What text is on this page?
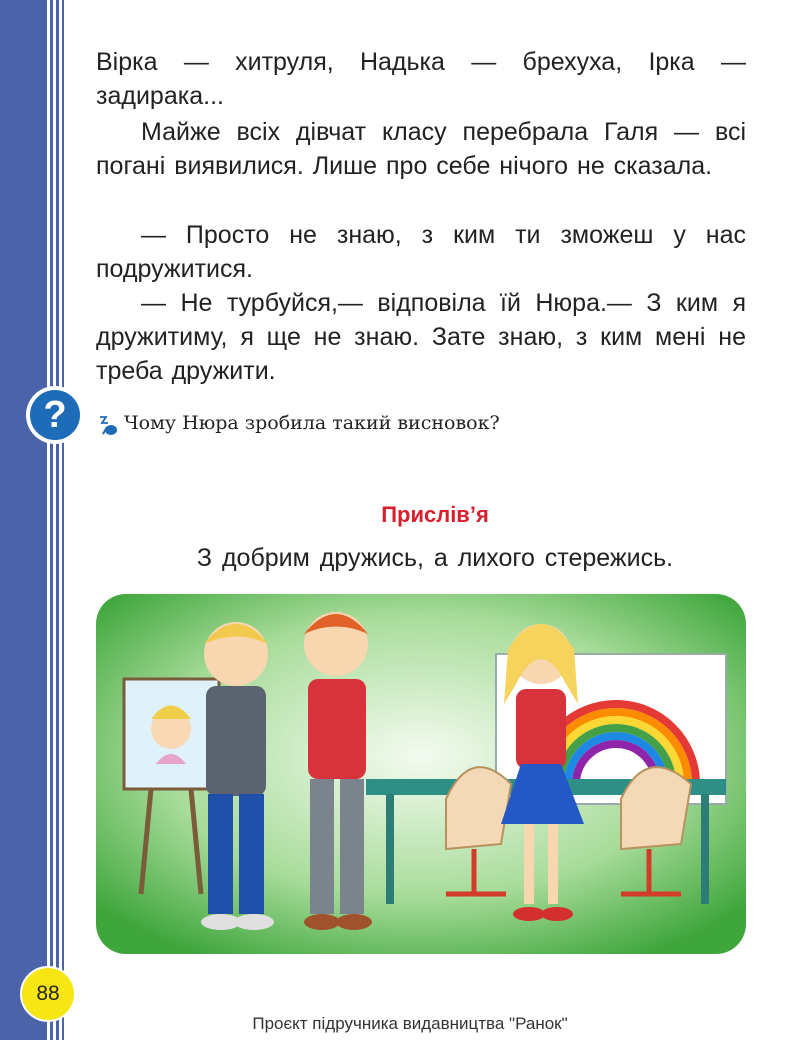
Вірка — хитруля, Надька — брехуха, Ірка — задирака...

Майже всіх дівчат класу перебрала Галя — всі погані виявилися. Лише про себе нічого не сказала.

— Просто не знаю, з ким ти зможеш у нас подружитися.

— Не турбуйся,— відповіла їй Нюра.— З ким я дружитиму, я ще не знаю. Зате знаю, з ким мені не треба дружити.

?	Чому Нюра зробила такий висновок?
Прислів’я
З добрим дружись, а лихого стережись.
88
Проєкт підручника видавництва "Ранок"
